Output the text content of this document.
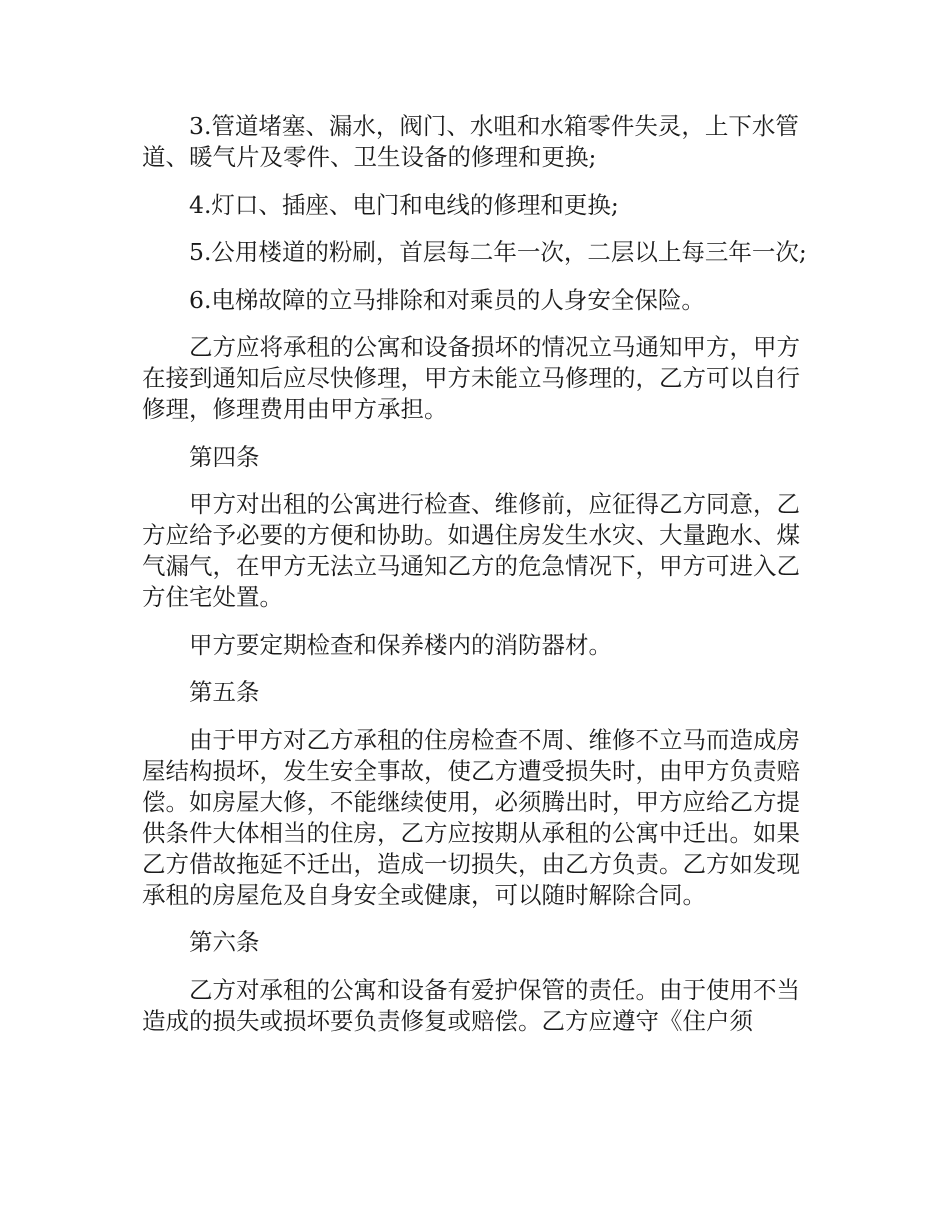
3.管道堵塞、漏水，阀门、水咀和水箱零件失灵，上下水管道、暖气片及零件、卫生设备的修理和更换;

4.灯口、插座、电门和电线的修理和更换;

5.公用楼道的粉刷，首层每二年一次，二层以上每三年一次;

6.电梯故障的立马排除和对乘员的人身安全保险。

乙方应将承租的公寓和设备损坏的情况立马通知甲方，甲方在接到通知后应尽快修理，甲方未能立马修理的，乙方可以自行修理，修理费用由甲方承担。

第四条

甲方对出租的公寓进行检查、维修前，应征得乙方同意，乙方应给予必要的方便和协助。如遇住房发生水灾、大量跑水、煤气漏气，在甲方无法立马通知乙方的危急情况下，甲方可进入乙方住宅处置。

甲方要定期检查和保养楼内的消防器材。

第五条

由于甲方对乙方承租的住房检查不周、维修不立马而造成房屋结构损坏，发生安全事故，使乙方遭受损失时，由甲方负责赔偿。如房屋大修，不能继续使用，必须腾出时，甲方应给乙方提供条件大体相当的住房，乙方应按期从承租的公寓中迁出。如果乙方借故拖延不迁出，造成一切损失，由乙方负责。乙方如发现承租的房屋危及自身安全或健康，可以随时解除合同。

第六条

乙方对承租的公寓和设备有爱护保管的责任。由于使用不当造成的损失或损坏要负责修复或赔偿。乙方应遵守《住户须
